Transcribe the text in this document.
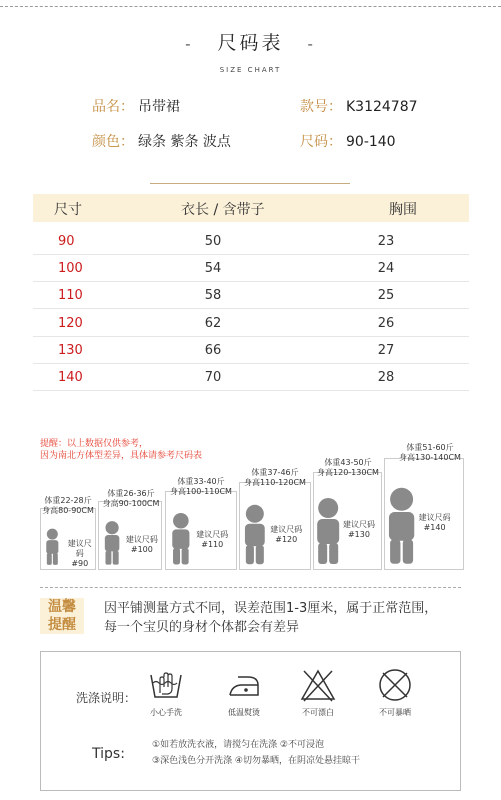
- 尺码表 -
SIZE CHART
品名： 吊带裙	款号： K3124787
颜色： 绿条 紫条 波点	尺码： 90-140
尺寸	衣长 / 含带子	胸围
90	50	23
100	54	24
110	58	25
120	62	26
130	66	27
140	70	28
提醒：以上数据仅供参考，
因为南北方体型差异，具体请参考尺码表
建议尺码
#90
体重22-28斤
身高80-90CM
建议尺码
#100
体重26-36斤
身高90-100CM
建议尺码
#110
体重33-40斤
身高100-110CM
建议尺码
#120
体重37-46斤
身高110-120CM
建议尺码
#130
体重43-50斤
身高120-130CM
建议尺码
#140
体重51-60斤
身高130-140CM
温馨
提醒
因平铺测量方式不同，误差范围1-3厘米，属于正常范围，
每一个宝贝的身材个体都会有差异
洗涤说明：
小心手洗	低温熨烫	不可漂白	不可暴晒
Tips:
①如若放洗衣液，请搅匀在洗涤 ②不可浸泡
③深色浅色分开洗涤 ④切勿暴晒，在阴凉处悬挂晾干
